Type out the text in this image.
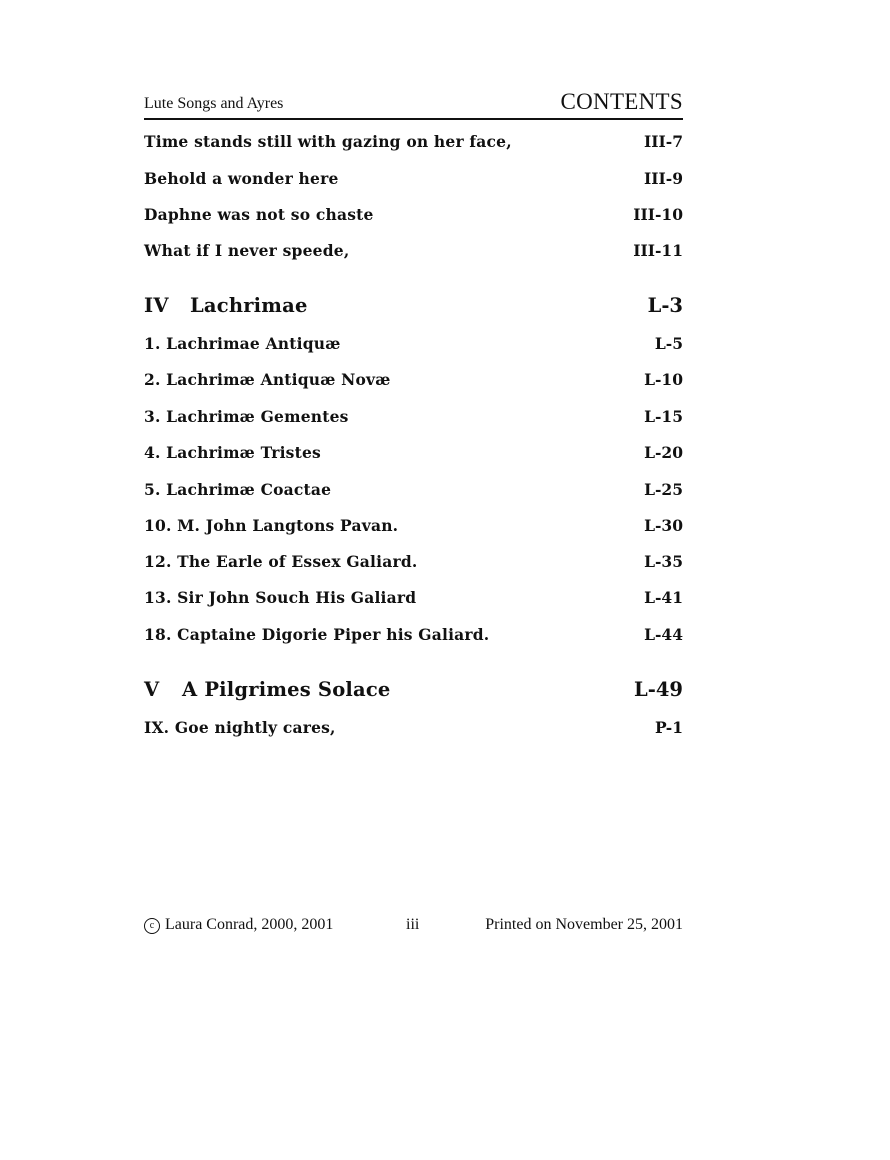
Lute Songs and Ayres	CONTENTS
Time stands still with gazing on her face,	III-7
Behold a wonder here	III-9
Daphne was not so chaste	III-10
What if I never speede,	III-11
IV Lachrimae	L-3
1. Lachrimae Antiquæ	L-5
2. Lachrimæ Antiquæ Novæ	L-10
3. Lachrimæ Gementes	L-15
4. Lachrimæ Tristes	L-20
5. Lachrimæ Coactae	L-25
10. M. John Langtons Pavan.	L-30
12. The Earle of Essex Galiard.	L-35
13. Sir John Souch His Galiard	L-41
18. Captaine Digorie Piper his Galiard.	L-44
V A Pilgrimes Solace	L-49
IX. Goe nightly cares,	P-1
c Laura Conrad, 2000, 2001	iii	Printed on November 25, 2001
